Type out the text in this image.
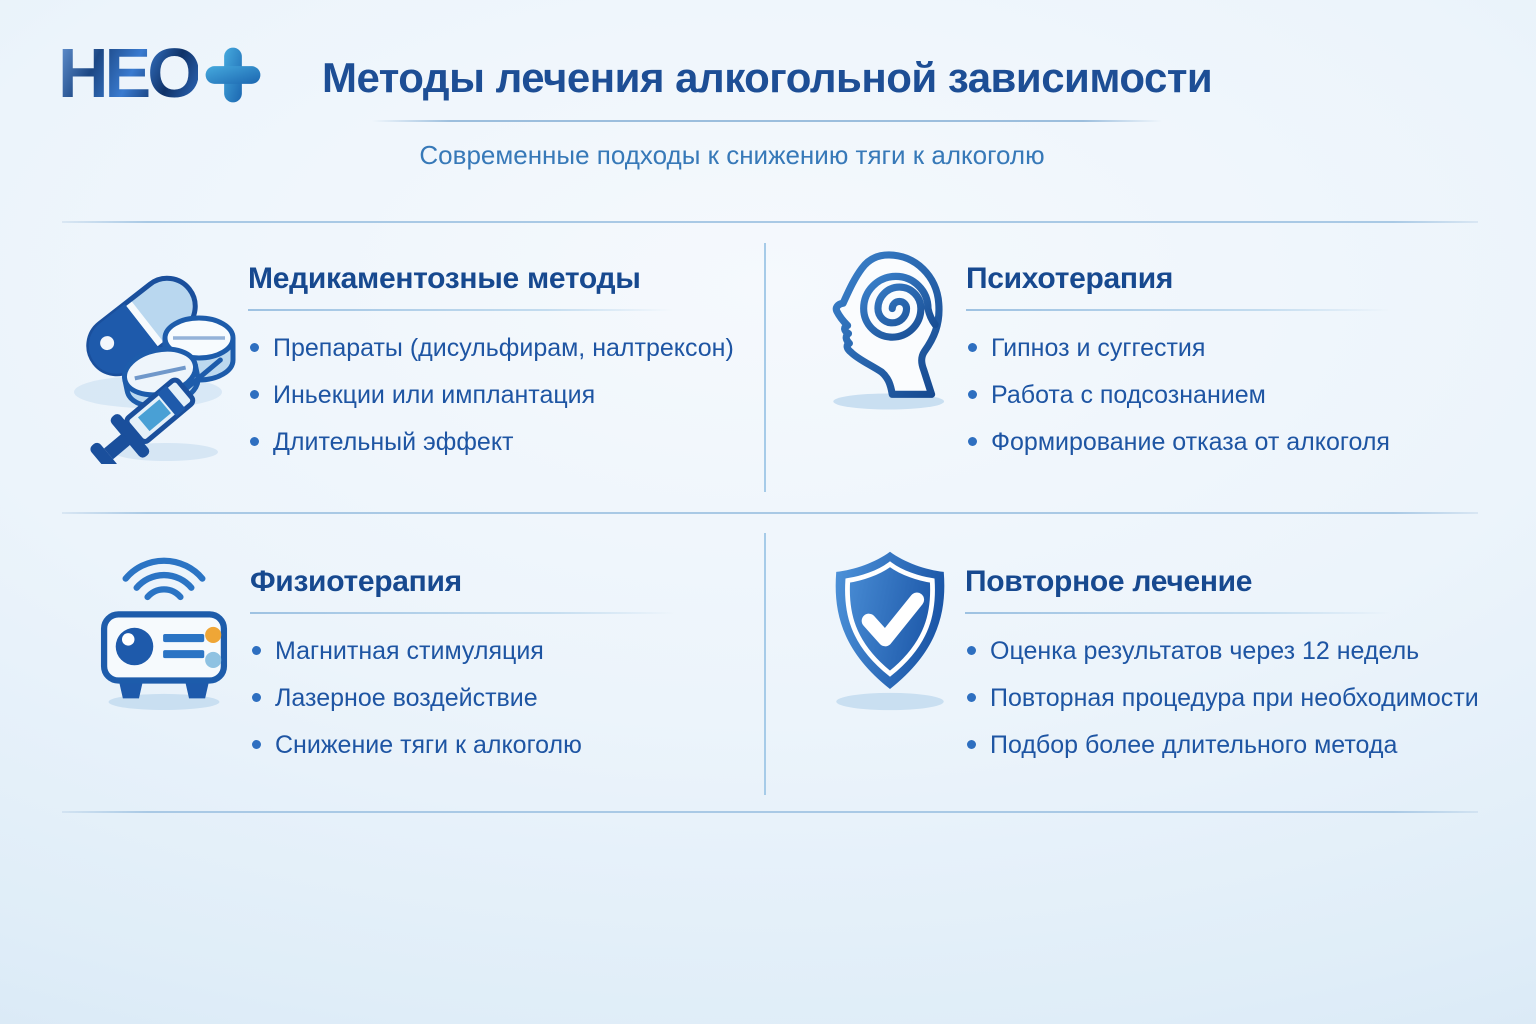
НЕО	Методы лечения алкогольной зависимости
Современные подходы к снижению тяги к алкоголю
Медикаментозные методы
Препараты (дисульфирам, налтрексон)
Иньекции или имплантация
Длительный эффект
Психотерапия
Гипноз и суггестия
Работа с подсознанием
Формирование отказа от алкоголя
Физиотерапия
Магнитная стимуляция
Лазерное воздействие
Снижение тяги к алкоголю
Повторное лечение
Оценка результатов через 12 недель
Повторная процедура при необходимости
Подбор более длительного метода
